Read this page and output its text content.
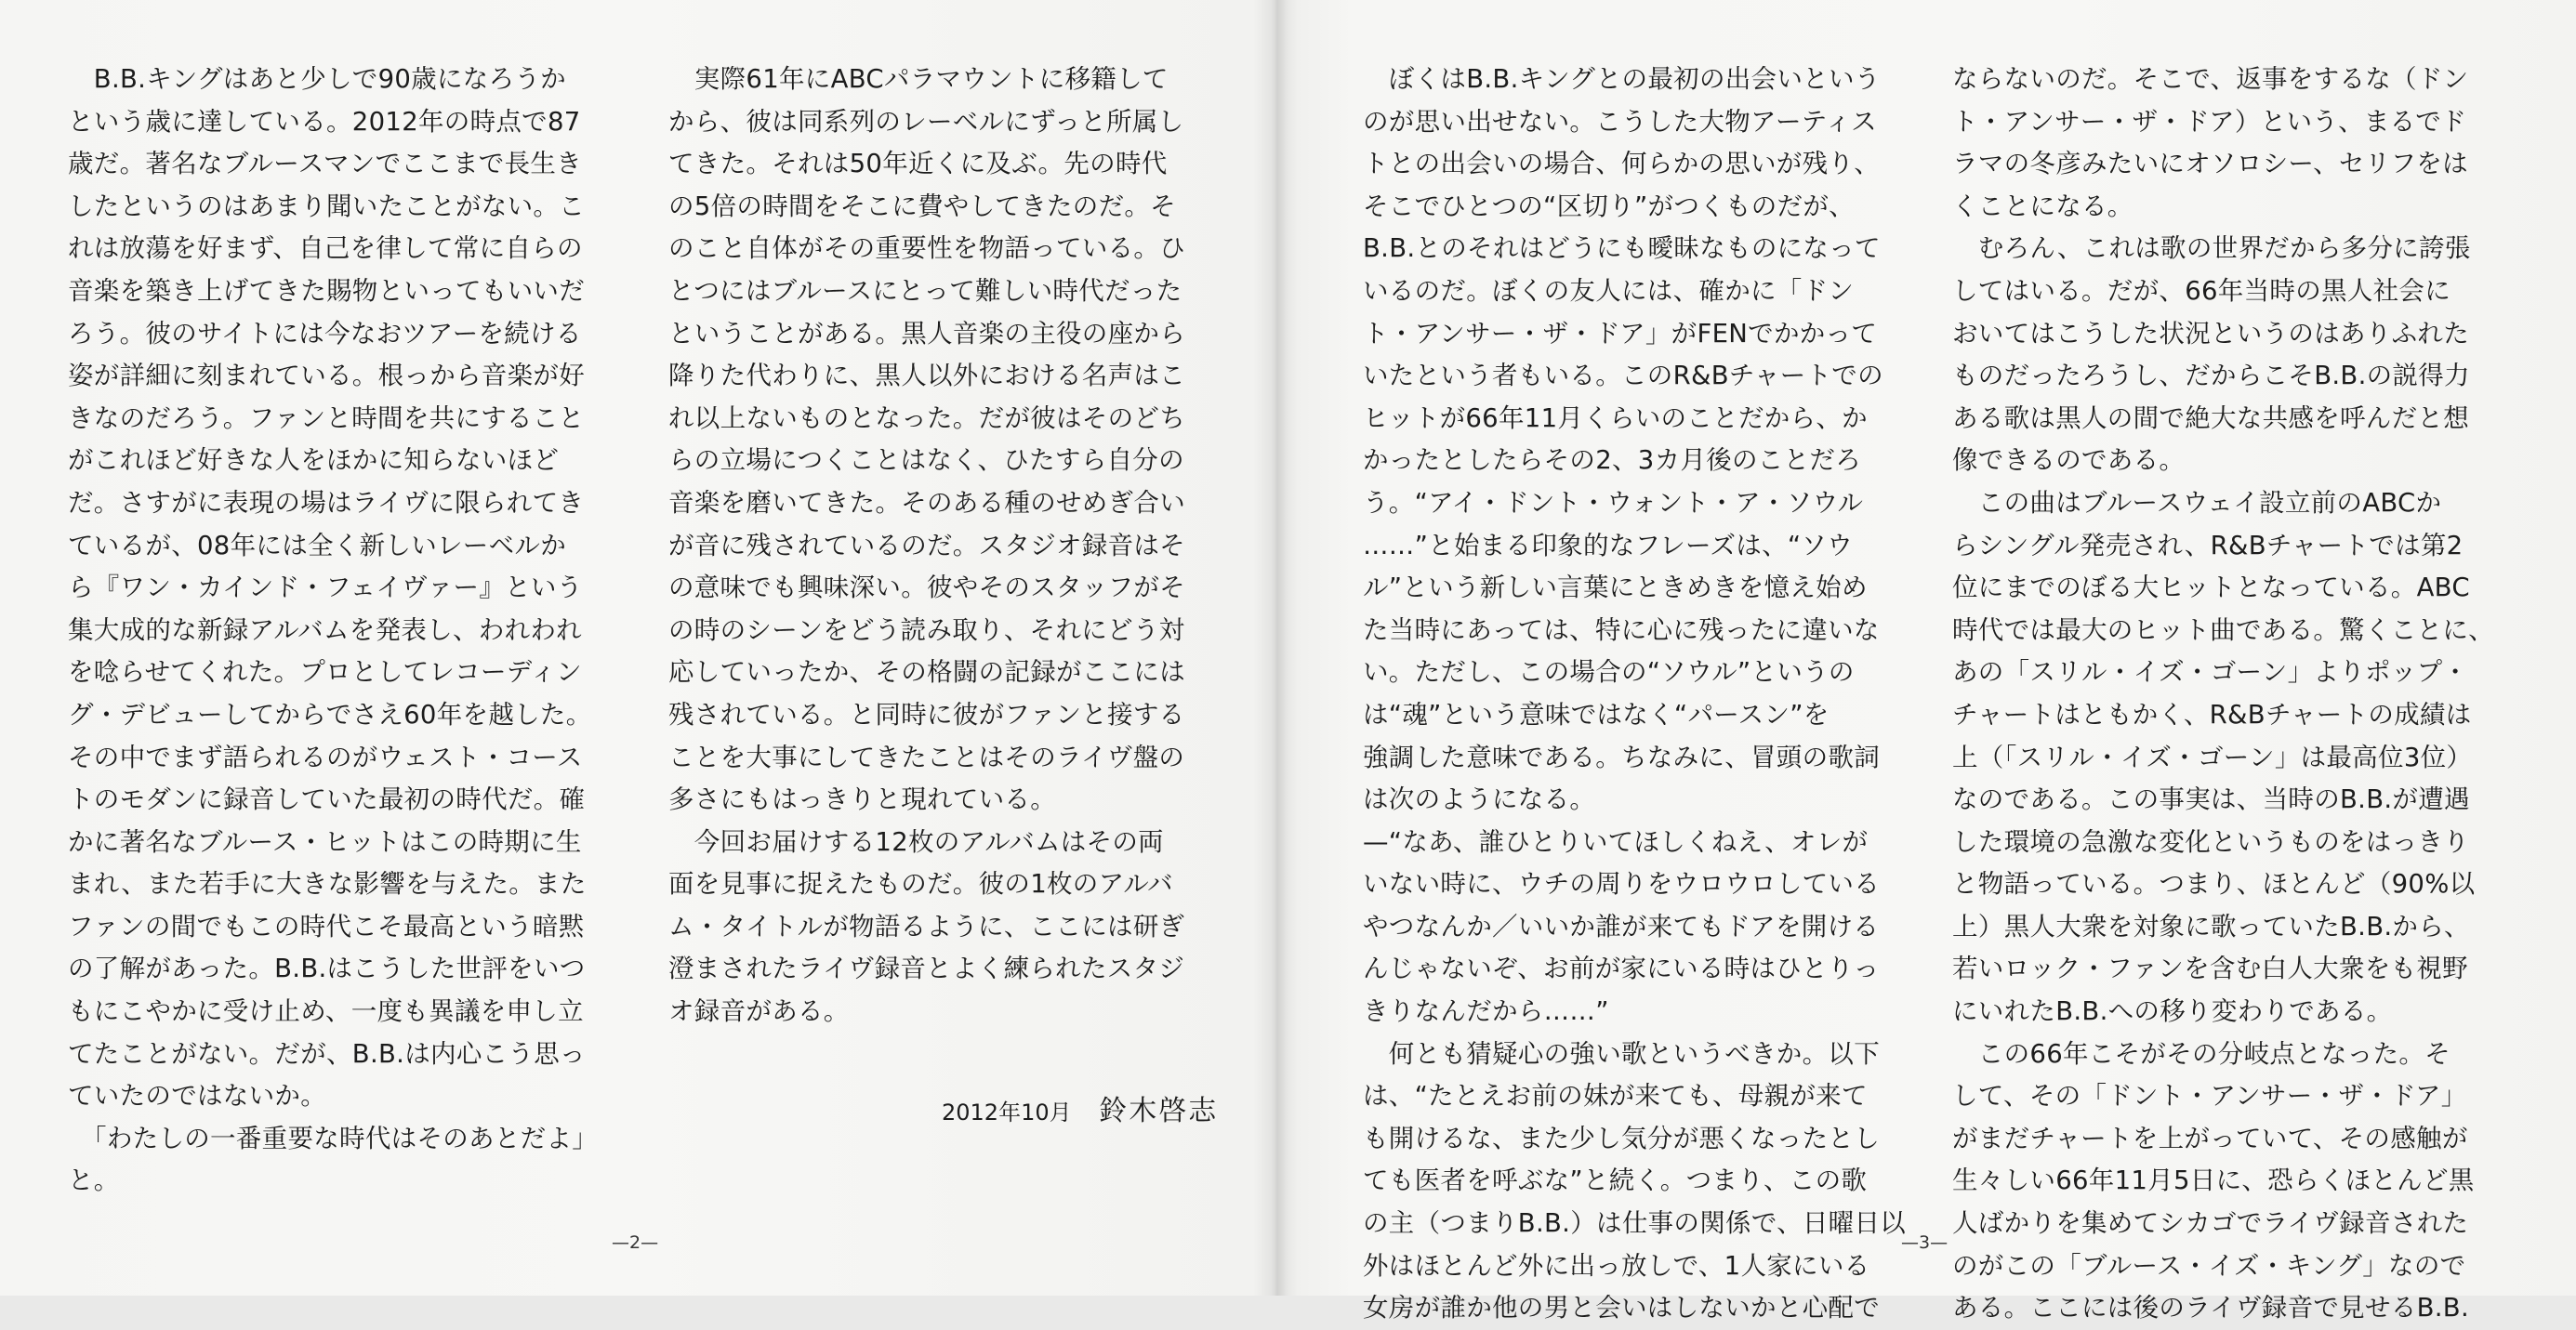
　B.B.キングはあと少しで90歳になろうか
という歳に達している。2012年の時点で87
歳だ。著名なブルースマンでここまで長生き
したというのはあまり聞いたことがない。こ
れは放蕩を好まず、自己を律して常に自らの
音楽を築き上げてきた賜物といってもいいだ
ろう。彼のサイトには今なおツアーを続ける
姿が詳細に刻まれている。根っから音楽が好
きなのだろう。ファンと時間を共にすること
がこれほど好きな人をほかに知らないほど
だ。さすがに表現の場はライヴに限られてき
ているが、08年には全く新しいレーベルか
ら『ワン・カインド・フェイヴァー』という
集大成的な新録アルバムを発表し、われわれ
を唸らせてくれた。プロとしてレコーディン
グ・デビューしてからでさえ60年を越した。
その中でまず語られるのがウェスト・コース
トのモダンに録音していた最初の時代だ。確
かに著名なブルース・ヒットはこの時期に生
まれ、また若手に大きな影響を与えた。また
ファンの間でもこの時代こそ最高という暗黙
の了解があった。B.B.はこうした世評をいつ
もにこやかに受け止め、一度も異議を申し立
てたことがない。だが、B.B.は内心こう思っ
ていたのではないか。
　「わたしの一番重要な時代はそのあとだよ」
と。
　実際61年にABCパラマウントに移籍して
から、彼は同系列のレーベルにずっと所属し
てきた。それは50年近くに及ぶ。先の時代
の5倍の時間をそこに費やしてきたのだ。そ
のこと自体がその重要性を物語っている。ひ
とつにはブルースにとって難しい時代だった
ということがある。黒人音楽の主役の座から
降りた代わりに、黒人以外における名声はこ
れ以上ないものとなった。だが彼はそのどち
らの立場につくことはなく、ひたすら自分の
音楽を磨いてきた。そのある種のせめぎ合い
が音に残されているのだ。スタジオ録音はそ
の意味でも興味深い。彼やそのスタッフがそ
の時のシーンをどう読み取り、それにどう対
応していったか、その格闘の記録がここには
残されている。と同時に彼がファンと接する
ことを大事にしてきたことはそのライヴ盤の
多さにもはっきりと現れている。
　今回お届けする12枚のアルバムはその両
面を見事に捉えたものだ。彼の1枚のアルバ
ム・タイトルが物語るように、ここには研ぎ
澄まされたライヴ録音とよく練られたスタジ
オ録音がある。
2012年10月 鈴木啓志
—2—
　ぼくはB.B.キングとの最初の出会いという
のが思い出せない。こうした大物アーティス
トとの出会いの場合、何らかの思いが残り、
そこでひとつの“区切り”がつくものだが、
B.B.とのそれはどうにも曖昧なものになって
いるのだ。ぼくの友人には、確かに「ドン
ト・アンサー・ザ・ドア」がFENでかかって
いたという者もいる。このR&Bチャートでの
ヒットが66年11月くらいのことだから、か
かったとしたらその2、3カ月後のことだろ
う。“アイ・ドント・ウォント・ア・ソウル
……”と始まる印象的なフレーズは、“ソウ
ル”という新しい言葉にときめきを憶え始め
た当時にあっては、特に心に残ったに違いな
い。ただし、この場合の“ソウル”というの
は“魂”という意味ではなく“パースン”を
強調した意味である。ちなみに、冒頭の歌詞
は次のようになる。
—“なあ、誰ひとりいてほしくねえ、オレが
いない時に、ウチの周りをウロウロしている
やつなんか／いいか誰が来てもドアを開ける
んじゃないぞ、お前が家にいる時はひとりっ
きりなんだから……”
　何とも猜疑心の強い歌というべきか。以下
は、“たとえお前の妹が来ても、母親が来て
も開けるな、また少し気分が悪くなったとし
ても医者を呼ぶな”と続く。つまり、この歌
の主（つまりB.B.）は仕事の関係で、日曜日以
外はほとんど外に出っ放しで、1人家にいる
女房が誰か他の男と会いはしないかと心配で
ならないのだ。そこで、返事をするな（ドン
ト・アンサー・ザ・ドア）という、まるでド
ラマの冬彦みたいにオソロシー、セリフをは
くことになる。
　むろん、これは歌の世界だから多分に誇張
してはいる。だが、66年当時の黒人社会に
おいてはこうした状況というのはありふれた
ものだったろうし、だからこそB.B.の説得力
ある歌は黒人の間で絶大な共感を呼んだと想
像できるのである。
　この曲はブルースウェイ設立前のABCか
らシングル発売され、R&Bチャートでは第2
位にまでのぼる大ヒットとなっている。ABC
時代では最大のヒット曲である。驚くことに、
あの「スリル・イズ・ゴーン」よりポップ・
チャートはともかく、R&Bチャートの成績は
上（「スリル・イズ・ゴーン」は最高位3位）
なのである。この事実は、当時のB.B.が遭遇
した環境の急激な変化というものをはっきり
と物語っている。つまり、ほとんど（90%以
上）黒人大衆を対象に歌っていたB.B.から、
若いロック・ファンを含む白人大衆をも視野
にいれたB.B.への移り変わりである。
　この66年こそがその分岐点となった。そ
して、その「ドント・アンサー・ザ・ドア」
がまだチャートを上がっていて、その感触が
生々しい66年11月5日に、恐らくほとんど黒
人ばかりを集めてシカゴでライヴ録音された
のがこの「ブルース・イズ・キング」なので
ある。ここには後のライヴ録音で見せるB.B.
—3—
